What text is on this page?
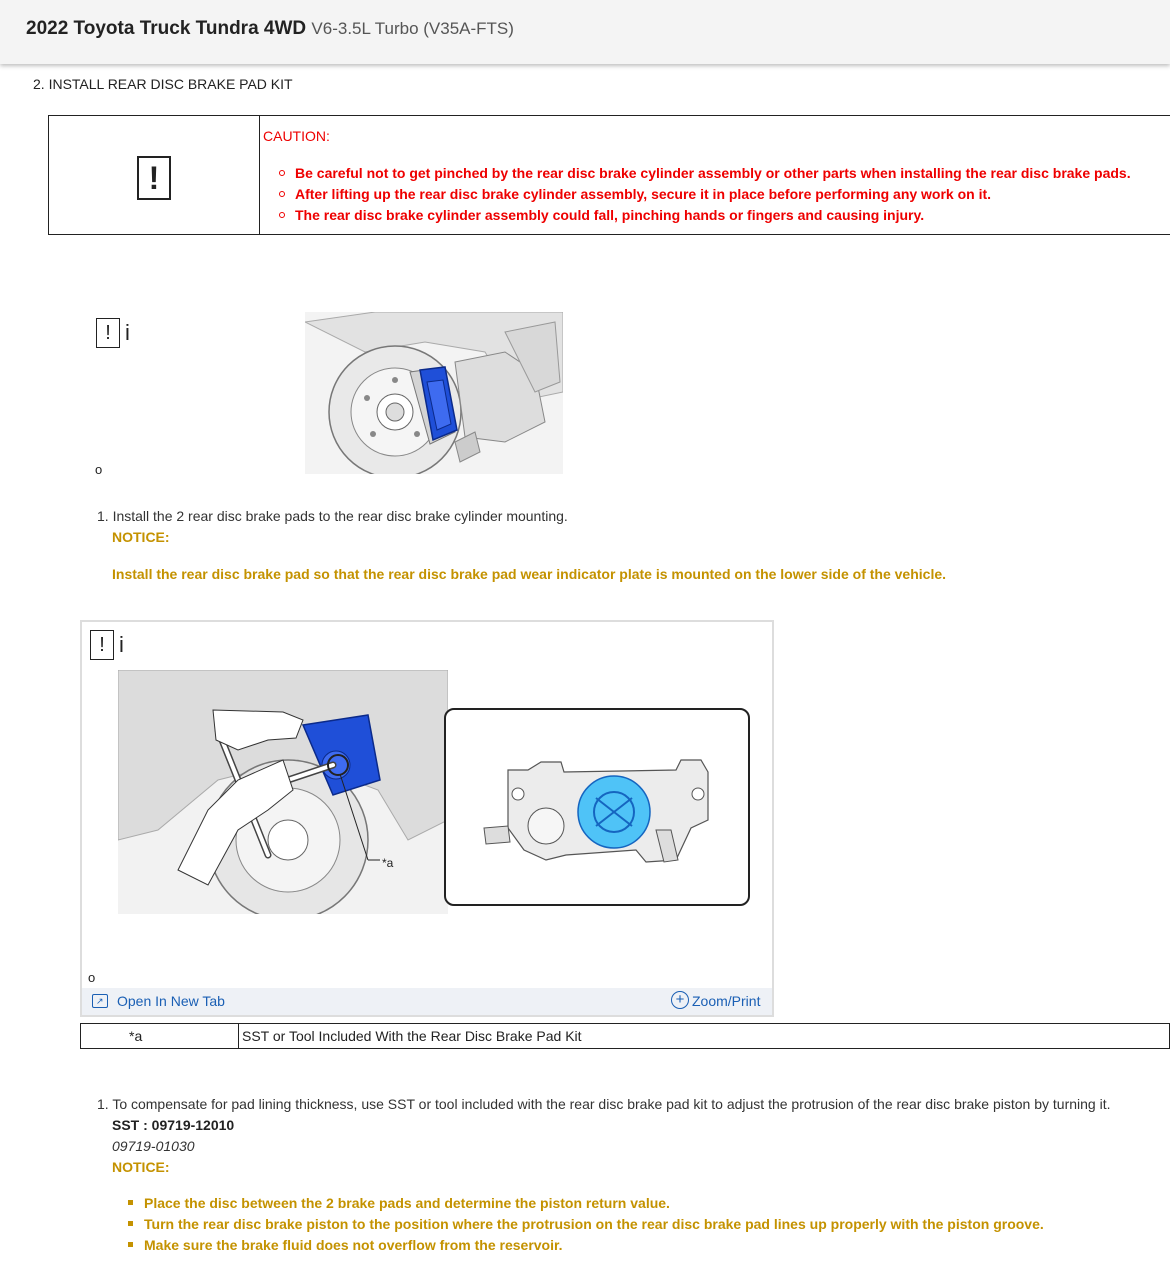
2022 Toyota Truck Tundra 4WD V6-3.5L Turbo (V35A-FTS)
2. INSTALL REAR DISC BRAKE PAD KIT
!
CAUTION:
Be careful not to get pinched by the rear disc brake cylinder assembly or other parts when installing the rear disc brake pads.
After lifting up the rear disc brake cylinder assembly, secure it in place before performing any work on it.
The rear disc brake cylinder assembly could fall, pinching hands or fingers and causing injury.
! i
o
1. Install the 2 rear disc brake pads to the rear disc brake cylinder mounting.
NOTICE:
Install the rear disc brake pad so that the rear disc brake pad wear indicator plate is mounted on the lower side of the vehicle.
! i
*a
o
↗ Open In New Tab	+ Zoom/Print
*a	SST or Tool Included With the Rear Disc Brake Pad Kit
1. To compensate for pad lining thickness, use SST or tool included with the rear disc brake pad kit to adjust the protrusion of the rear disc brake piston by turning it.
SST : 09719-12010
09719-01030
NOTICE:
Place the disc between the 2 brake pads and determine the piston return value.
Turn the rear disc brake piston to the position where the protrusion on the rear disc brake pad lines up properly with the piston groove.
Make sure the brake fluid does not overflow from the reservoir.
